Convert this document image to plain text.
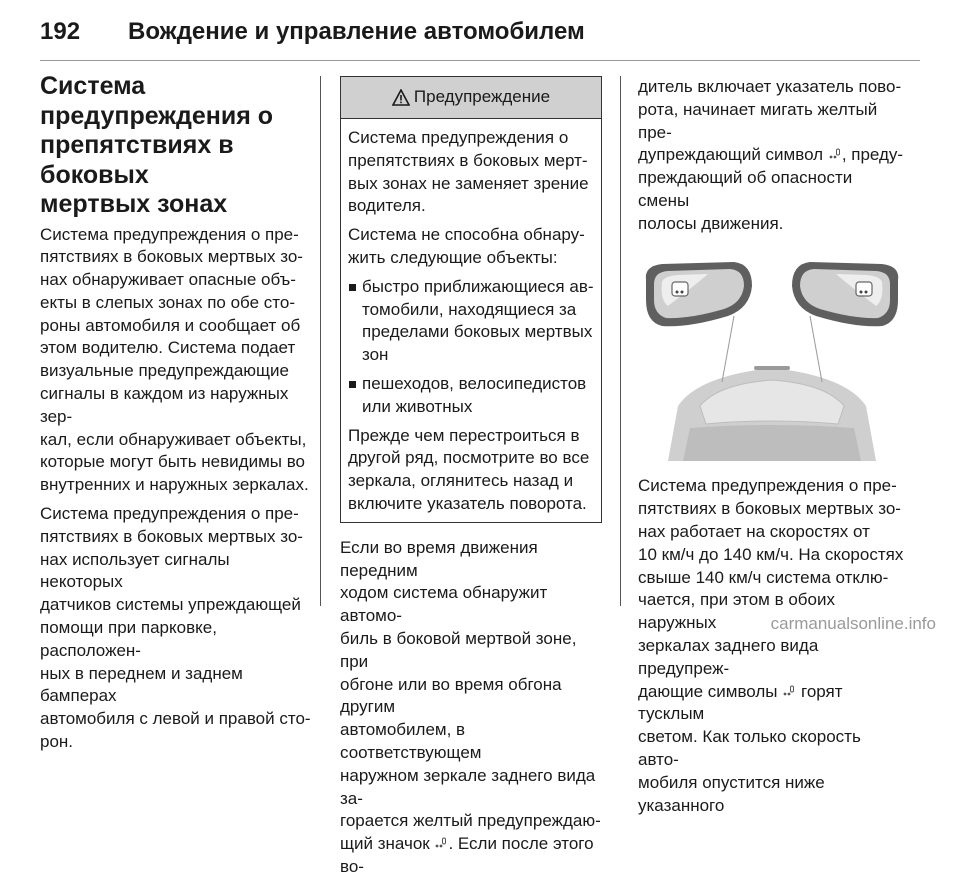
192 Вождение и управление автомобилем
Система
предупреждения о
препятствиях в боковых
мертвых зонах

Система предупреждения о пре-
пятствиях в боковых мертвых зо-
нах обнаруживает опасные объ-
екты в слепых зонах по обе сто-
роны автомобиля и сообщает об
этом водителю. Система подает
визуальные предупреждающие
сигналы в каждом из наружных зер-
кал, если обнаруживает объекты,
которые могут быть невидимы во
внутренних и наружных зеркалах.

Система предупреждения о пре-
пятствиях в боковых мертвых зо-
нах использует сигналы некоторых
датчиков системы упреждающей
помощи при парковке, расположен-
ных в переднем и заднем бамперах
автомобиля с левой и правой сто-
рон.

Предупреждение

Система предупреждения о
препятствиях в боковых мерт-
вых зонах не заменяет зрение
водителя.

Система не способна обнару-
жить следующие объекты:

быстро приближающиеся ав-
томобили, находящиеся за
пределами боковых мертвых
зон
пешеходов, велосипедистов
или животных

Прежде чем перестроиться в
другой ряд, посмотрите во все
зеркала, оглянитесь назад и
включите указатель поворота.

Если во время движения передним
ходом система обнаружит автомо-
биль в боковой мертвой зоне, при
обгоне или во время обгона другим
автомобилем, в соответствующем
наружном зеркале заднего вида за-
горается желтый предупреждаю-
щий значок . Если после этого во-

дитель включает указатель пово-
рота, начинает мигать желтый пре-
дупреждающий символ , преду-
преждающий об опасности смены
полосы движения.

Система предупреждения о пре-
пятствиях в боковых мертвых зо-
нах работает на скоростях от
10 км/ч до 140 км/ч. На скоростях
свыше 140 км/ч система отклю-
чается, при этом в обоих наружных
зеркалах заднего вида предупреж-
дающие символы горят тусклым
светом. Как только скорость авто-
мобиля опустится ниже указанного

carmanualsonline.info
